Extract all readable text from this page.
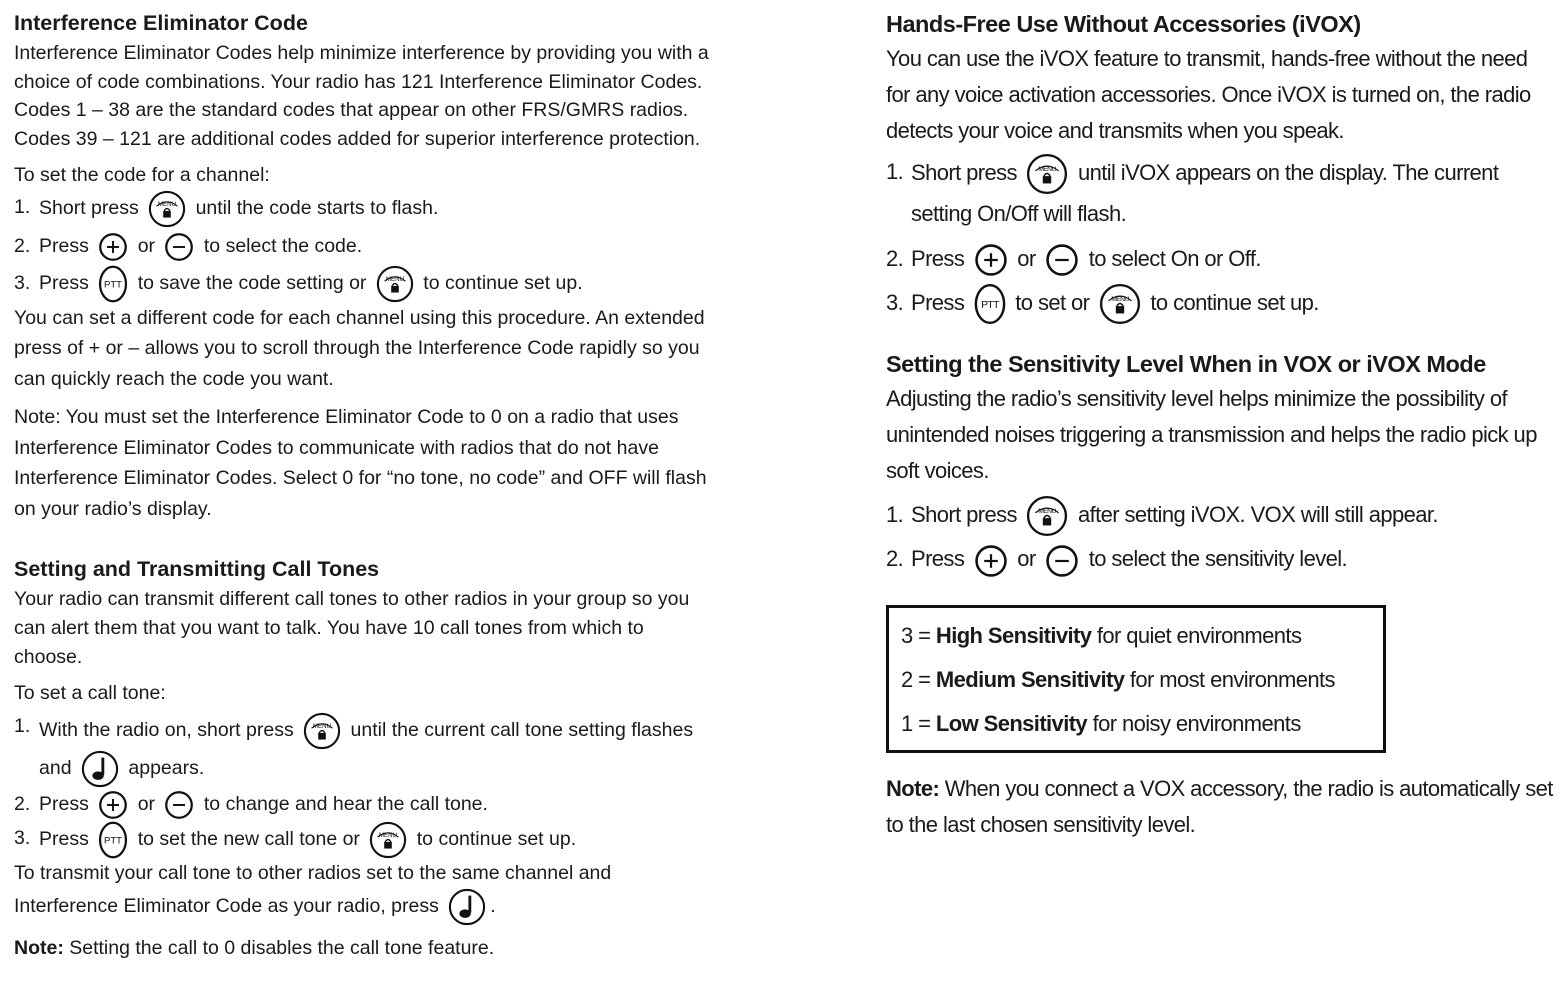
Interference Eliminator Code

Interference Eliminator Codes help minimize interference by providing you with a choice of code combinations. Your radio has 121 Interference Eliminator Codes. Codes 1 – 38 are the standard codes that appear on other FRS/GMRS radios. Codes 39 – 121 are additional codes added for superior interference protection.

To set the code for a channel:

1. Short press	MENU until the code starts to flash.
2. Press	or	to select the code.
3. Press PTT to save the code setting or	MENU to continue set up.

You can set a different code for each channel using this procedure. An extended press of + or – allows you to scroll through the Interference Code rapidly so you can quickly reach the code you want.

Note: You must set the Interference Eliminator Code to 0 on a radio that uses Interference Eliminator Codes to communicate with radios that do not have Interference Eliminator Codes. Select 0 for “no tone, no code” and OFF will flash on your radio’s display.

Setting and Transmitting Call Tones

Your radio can transmit different call tones to other radios in your group so you can alert them that you want to talk. You have 10 call tones from which to choose.

To set a call tone:

1. With the radio on, short press	MENU until the current call tone setting flashes and	appears.
2. Press	or	to change and hear the call tone.
3. Press PTT to set the new call tone or	MENU to continue set up.

To transmit your call tone to other radios set to the same channel and Interference Eliminator Code as your radio, press	.

Note: Setting the call to 0 disables the call tone feature.

Hands-Free Use Without Accessories (iVOX)

You can use the iVOX feature to transmit, hands-free without the need for any voice activation accessories. Once iVOX is turned on, the radio detects your voice and transmits when you speak.

1. Short press	MENU until iVOX appears on the display. The current setting On/Off will flash.
2. Press or to select On or Off.
3. Press PTT to set or	MENU to continue set up.
Setting the Sensitivity Level When in VOX or iVOX Mode

Adjusting the radio’s sensitivity level helps minimize the possibility of unintended noises triggering a transmission and helps the radio pick up soft voices.

1. Short press	MENU after setting iVOX. VOX will still appear.
2. Press or to select the sensitivity level.
3 = High Sensitivity for quiet environments
2 = Medium Sensitivity for most environments
1 = Low Sensitivity for noisy environments

Note: When you connect a VOX accessory, the radio is automatically set to the last chosen sensitivity level.
